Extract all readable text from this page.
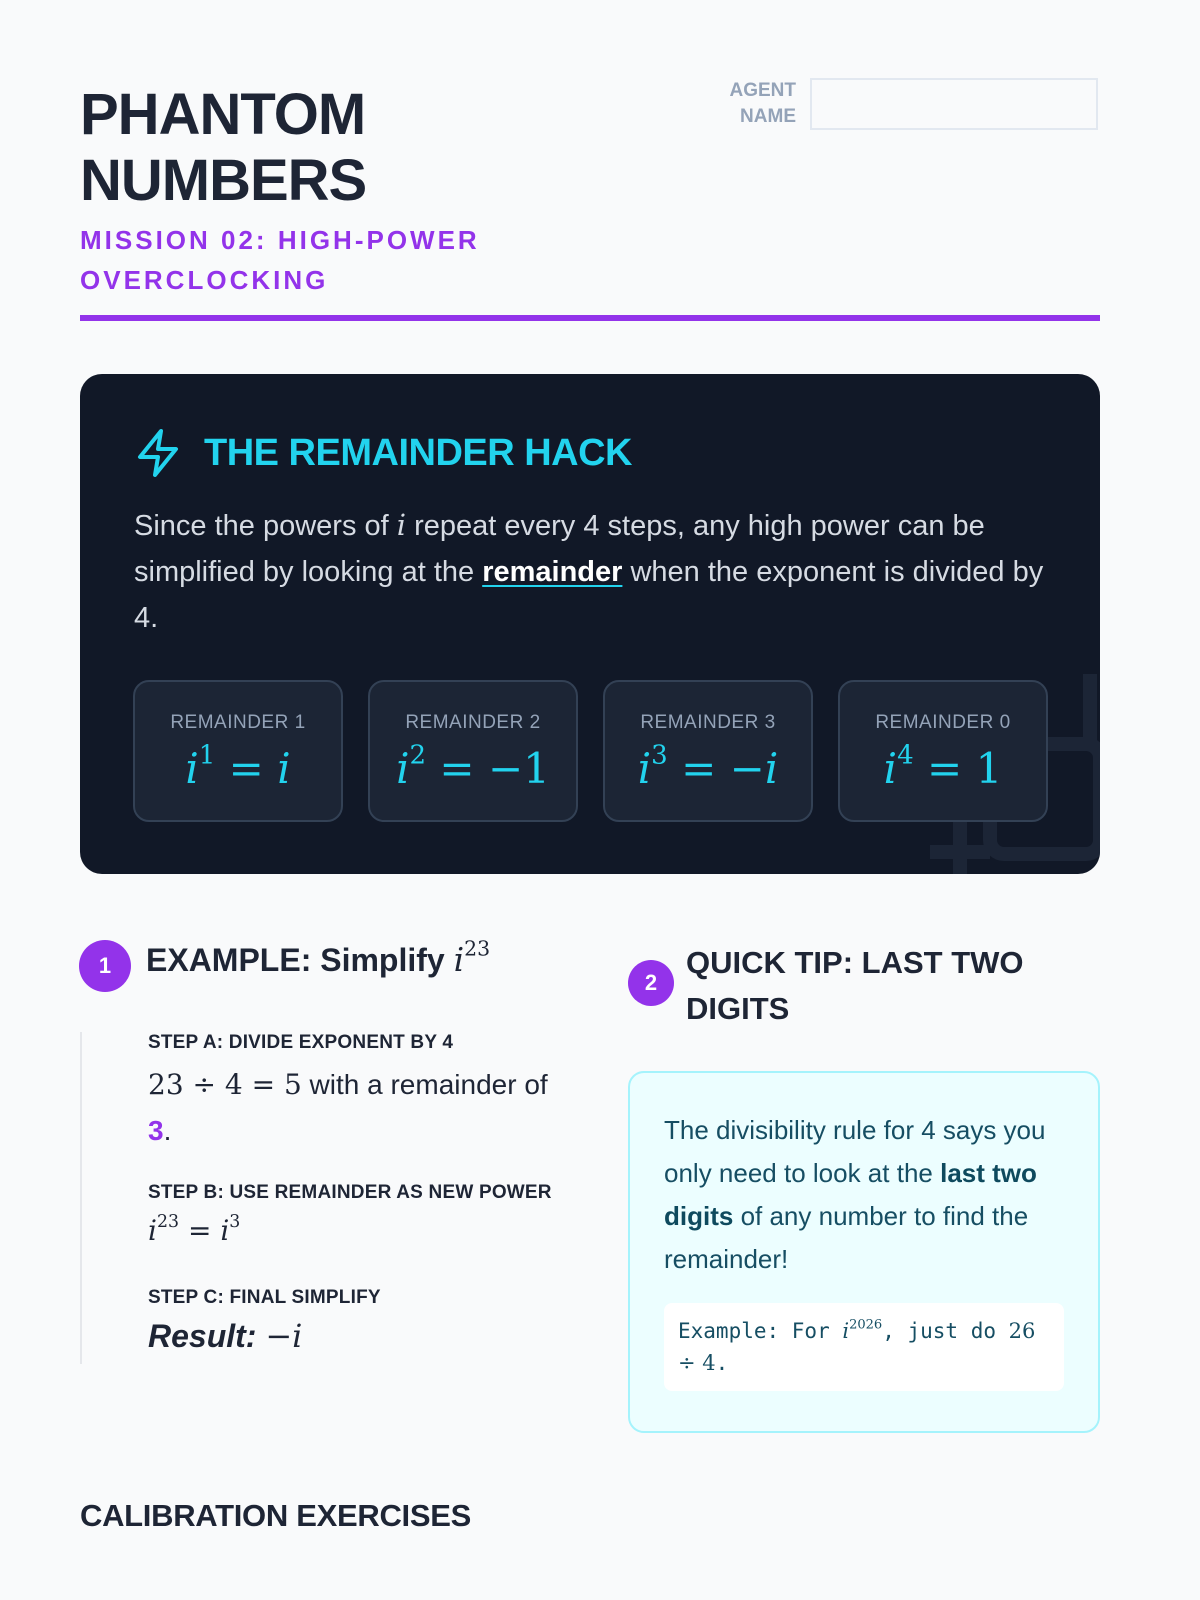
PHANTOM
NUMBERS
MISSION 02: HIGH-POWER OVERCLOCKING
AGENT
NAME
THE REMAINDER HACK
Since the powers of i repeat every 4 steps, any high power can be simplified by looking at the remainder when the exponent is divided by 4.
REMAINDER 1
$i^1 = i$
REMAINDER 2
$i^2 = -1$
REMAINDER 3
$i^3 = -i$
REMAINDER 0
$i^4 = 1$
1	EXAMPLE: Simplify $i^{23}$
STEP A: DIVIDE EXPONENT BY 4
23 ÷ 4 = 5 with a remainder of 3.
STEP B: USE REMAINDER AS NEW POWER
$i^{23} = i^3$
STEP C: FINAL SIMPLIFY
Result: −i
2
QUICK TIP: LAST TWO DIGITS
The divisibility rule for 4 says you only need to look at the last two digits of any number to find the remainder!
Example: For $i^{2026}$, just do 26 ÷ 4.
CALIBRATION EXERCISES
